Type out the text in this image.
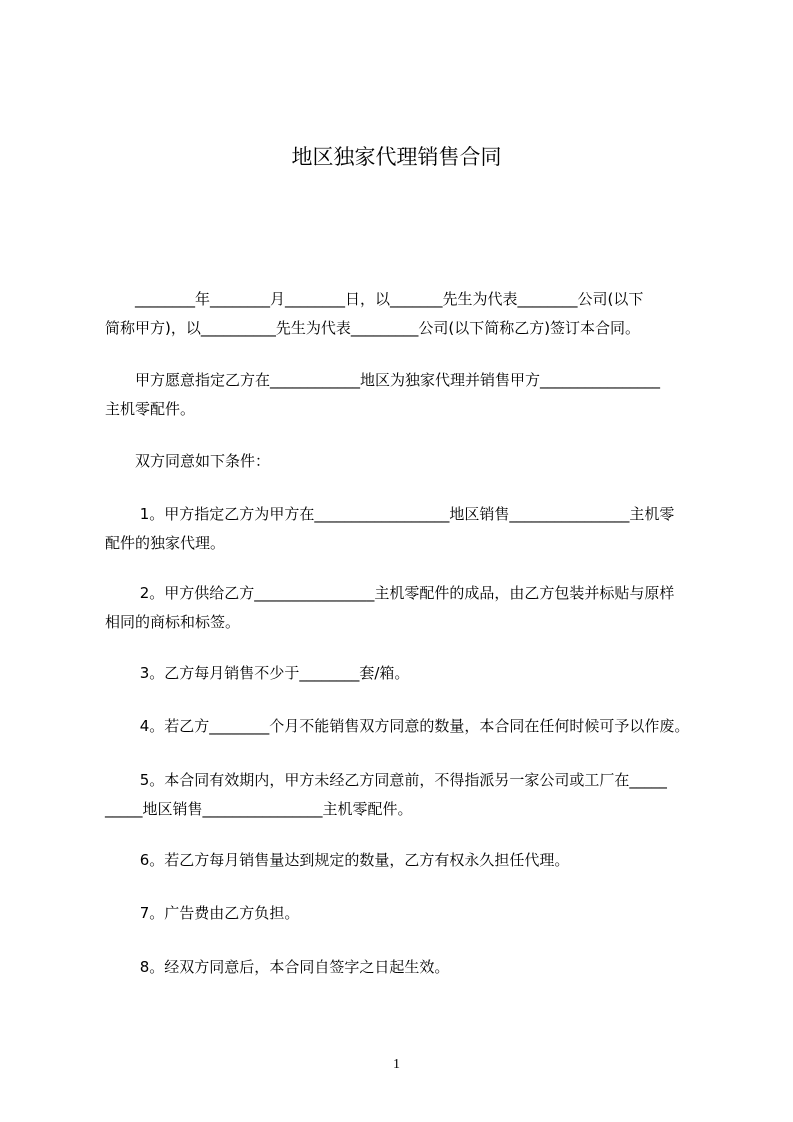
地区独家代理销售合同
　　________年________月________日，以_______先生为代表________公司(以下
简称甲方)，以__________先生为代表_________公司(以下简称乙方)签订本合同。
　　甲方愿意指定乙方在____________地区为独家代理并销售甲方________________
主机零配件。
　　双方同意如下条件：
　　 1。甲方指定乙方为甲方在__________________地区销售________________主机零
配件的独家代理。
　　 2。甲方供给乙方________________主机零配件的成品，由乙方包装并标贴与原样
相同的商标和标签。
　　 3。乙方每月销售不少于________套/箱。
　　 4。若乙方________个月不能销售双方同意的数量，本合同在任何时候可予以作废。
　　 5。本合同有效期内，甲方未经乙方同意前，不得指派另一家公司或工厂在_____
_____地区销售________________主机零配件。
　　 6。若乙方每月销售量达到规定的数量，乙方有权永久担任代理。
　　 7。广告费由乙方负担。
　　 8。经双方同意后，本合同自签字之日起生效。
1
